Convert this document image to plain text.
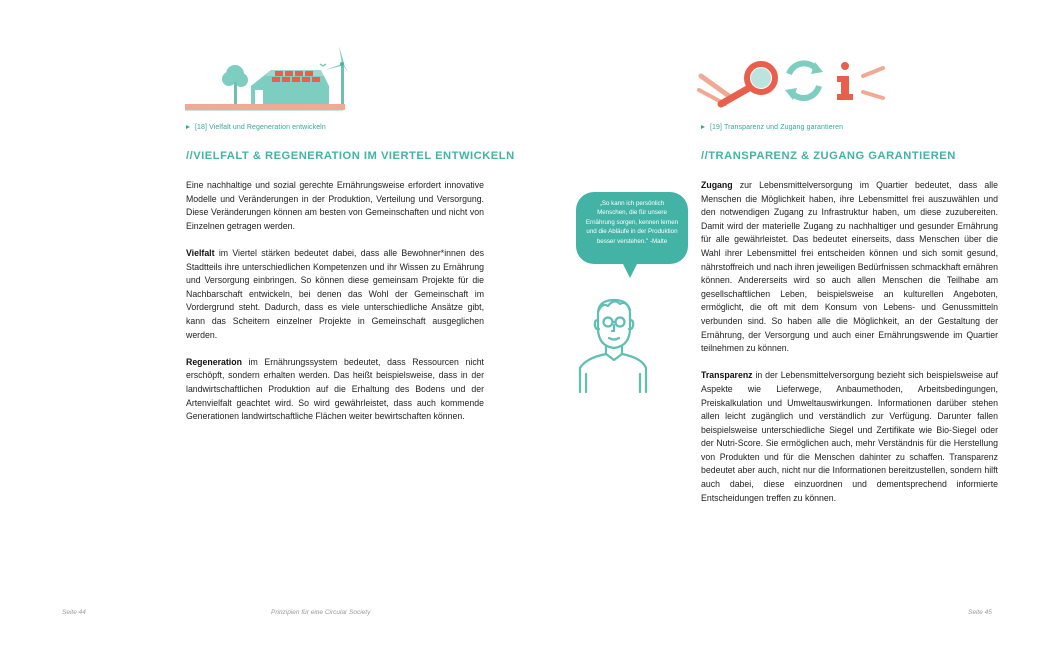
[18] Vielfalt und Regeneration entwickeln
//VIELFALT & REGENERATION IM VIERTEL ENTWICKELN

Eine nachhaltige und sozial gerechte Ernährungsweise erfordert innovative Modelle und Veränderungen in der Produktion, Verteilung und Versorgung. Diese Veränderungen können am besten von Gemeinschaften und nicht von Einzelnen getragen werden.

Vielfalt im Viertel stärken bedeutet dabei, dass alle Bewohner*innen des Stadtteils ihre unterschiedlichen Kompetenzen und ihr Wissen zu Ernährung und Versorgung einbringen. So können diese gemeinsam Projekte für die Nachbarschaft entwickeln, bei denen das Wohl der Gemeinschaft im Vordergrund steht. Dadurch, dass es viele unterschiedliche Ansätze gibt, kann das Scheitern einzelner Projekte in Gemeinschaft ausgeglichen werden.

Regeneration im Ernährungssystem bedeutet, dass Ressourcen nicht erschöpft, sondern erhalten werden. Das heißt beispielsweise, dass in der landwirtschaftlichen Produktion auf die Erhaltung des Bodens und der Artenvielfalt geachtet wird. So wird gewährleistet, dass auch kommende Generationen landwirtschaftliche Flächen weiter bewirtschaften können.

„So kann ich persönlich Menschen, die für unsere Ernährung sorgen, kennen lernen und die Abläufe in der Produktion besser verstehen." -Malte
[19] Transparenz und Zugang garantieren
//TRANSPARENZ & ZUGANG GARANTIEREN

Zugang zur Lebensmittelversorgung im Quartier bedeutet, dass alle Menschen die Möglichkeit haben, ihre Lebensmittel frei auszuwählen und den notwendigen Zugang zu Infrastruktur haben, um diese zuzubereiten. Damit wird der materielle Zugang zu nachhaltiger und gesunder Ernährung für alle gewährleistet. Das bedeutet einerseits, dass Menschen über die Wahl ihrer Lebensmittel frei entscheiden können und sich somit gesund, nährstoffreich und nach ihren jeweiligen Bedürfnissen schmackhaft ernähren können. Andererseits wird so auch allen Menschen die Teilhabe am gesellschaftlichen Leben, beispielsweise an kulturellen Angeboten, ermöglicht, die oft mit dem Konsum von Lebens- und Genussmitteln verbunden sind. So haben alle die Möglichkeit, an der Gestaltung der Ernährung, der Versorgung und auch einer Ernährungswende im Quartier teilnehmen zu können.

Transparenz in der Lebensmittelversorgung bezieht sich beispielsweise auf Aspekte wie Lieferwege, Anbaumethoden, Arbeitsbedingungen, Preiskalkulation und Umweltauswirkungen. Informationen darüber stehen allen leicht zugänglich und verständlich zur Verfügung. Darunter fallen beispielsweise unterschiedliche Siegel und Zertifikate wie Bio-Siegel oder der Nutri-Score. Sie ermöglichen auch, mehr Verständnis für die Herstellung von Produkten und für die Menschen dahinter zu schaffen. Transparenz bedeutet aber auch, nicht nur die Informationen bereitzustellen, sondern hilft auch dabei, diese einzuordnen und dementsprechend informierte Entscheidungen treffen zu können.

Seite 44	Prinzipien für eine Circular Society	Seite 45
